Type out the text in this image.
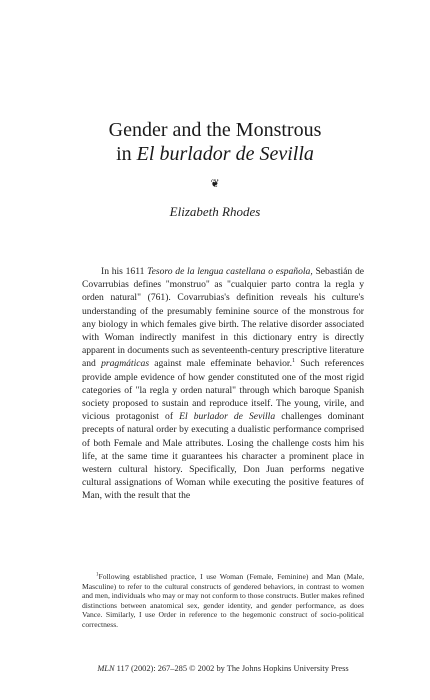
Gender and the Monstrous
in El burlador de Sevilla
❦
Elizabeth Rhodes

In his 1611 Tesoro de la lengua castellana o española, Sebastián de Covarrubias defines "monstruo" as "cualquier parto contra la regla y orden natural" (761). Covarrubias's definition reveals his culture's understanding of the presumably feminine source of the monstrous for any biology in which females give birth. The relative disorder associated with Woman indirectly manifest in this dictionary entry is directly apparent in documents such as seventeenth-century prescriptive literature and pragmáticas against male effeminate behavior.$^1$ Such references provide ample evidence of how gender constituted one of the most rigid categories of "la regla y orden natural" through which baroque Spanish society proposed to sustain and reproduce itself. The young, virile, and vicious protagonist of El burlador de Sevilla challenges dominant precepts of natural order by executing a dualistic performance comprised of both Female and Male attributes. Losing the challenge costs him his life, at the same time it guarantees his character a prominent place in western cultural history. Specifically, Don Juan performs negative cultural assignations of Woman while executing the positive features of Man, with the result that the

$^1$Following established practice, I use Woman (Female, Feminine) and Man (Male, Masculine) to refer to the cultural constructs of gendered behaviors, in contrast to women and men, individuals who may or may not conform to those constructs. Butler makes refined distinctions between anatomical sex, gender identity, and gender performance, as does Vance. Similarly, I use Order in reference to the hegemonic construct of socio-political correctness.

MLN 117 (2002): 267–285 © 2002 by The Johns Hopkins University Press
